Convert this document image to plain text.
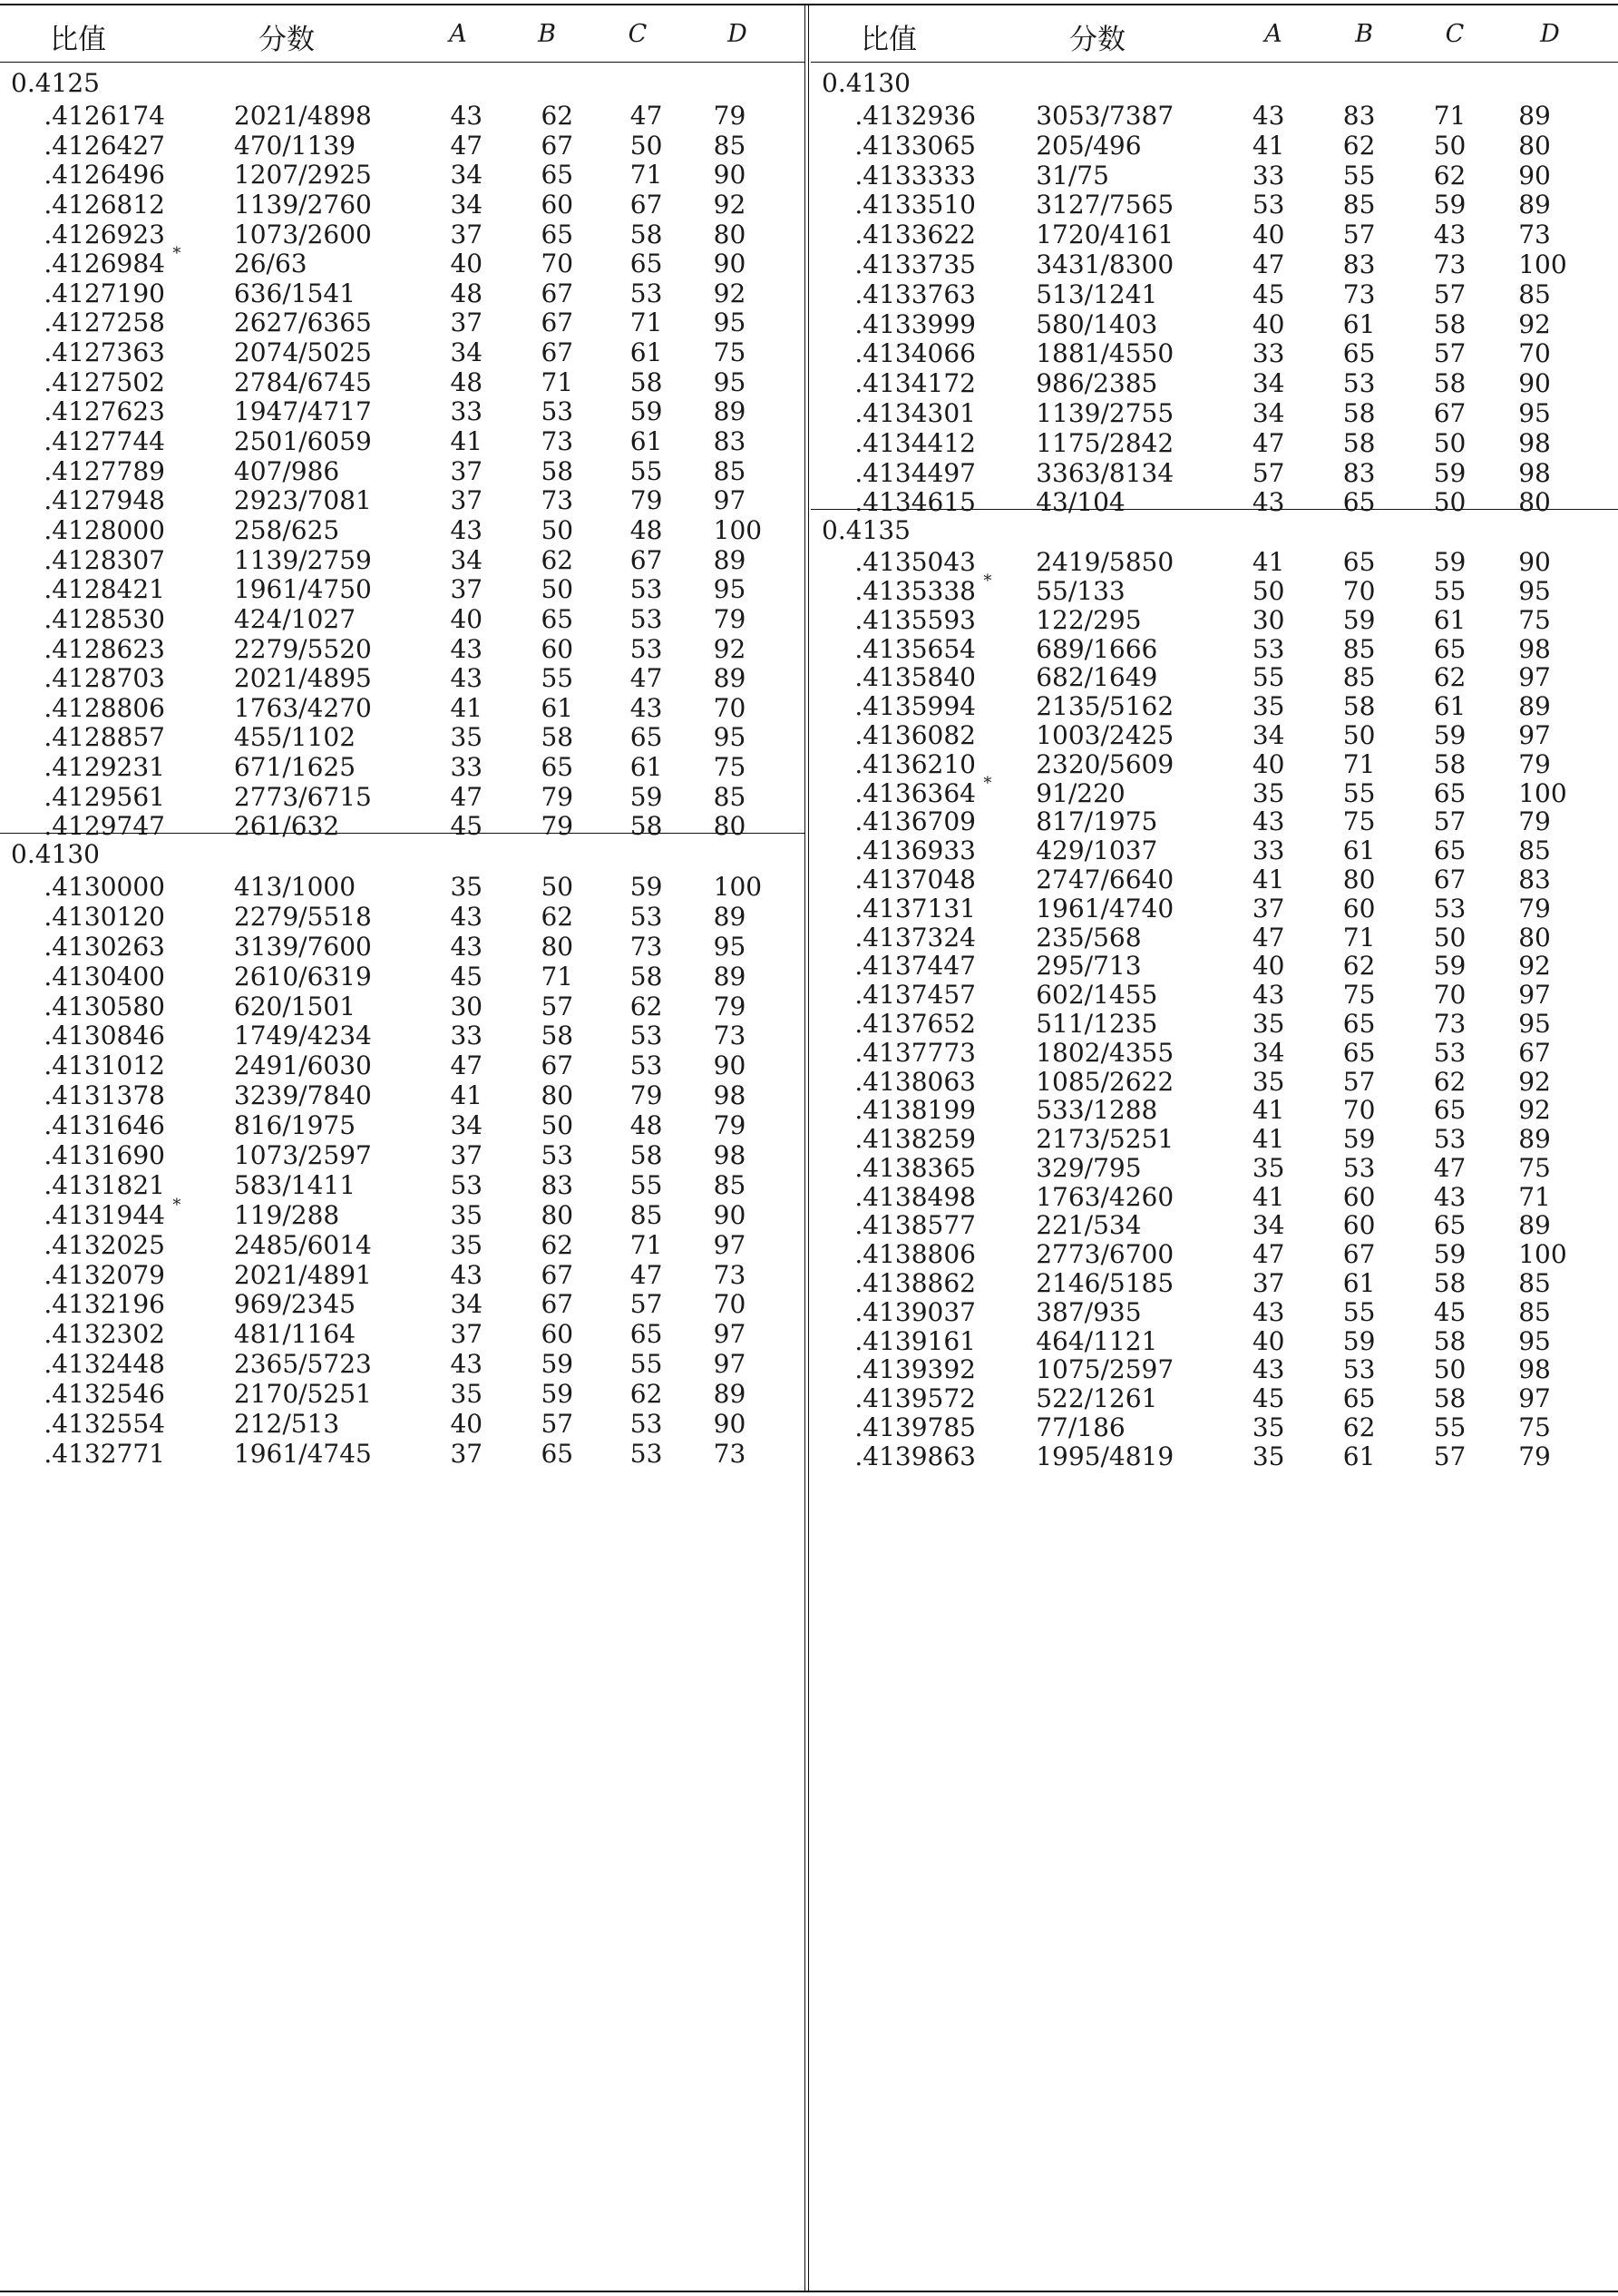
比值	分数	A	B	C	D
0.4125
.4126174	2021/4898	43 62 47 79
.4126427	470/1139	47 67 50 85
.4126496	1207/2925	34 65 71 90
.4126812	1139/2760	34 60 67 92
.4126923	1073/2600	37 65 58 80
.4126984 * 26/63	40 70 65 90
.4127190	636/1541	48 67 53 92
.4127258	2627/6365	37 67 71 95
.4127363	2074/5025	34 67 61 75
.4127502	2784/6745	48 71 58 95
.4127623	1947/4717	33 53 59 89
.4127744	2501/6059	41 73 61 83
.4127789	407/986	37 58 55 85
.4127948	2923/7081	37 73 79 97
.4128000	258/625	43 50 48 100
.4128307	1139/2759	34 62 67 89
.4128421	1961/4750	37 50 53 95
.4128530	424/1027	40 65 53 79
.4128623	2279/5520	43 60 53 92
.4128703	2021/4895	43 55 47 89
.4128806	1763/4270	41 61 43 70
.4128857	455/1102	35 58 65 95
.4129231	671/1625	33 65 61 75
.4129561	2773/6715	47 79 59 85
.4129747	261/632	45 79 58 80
0.4130
.4130000	413/1000	35 50 59 100
.4130120	2279/5518	43 62 53 89
.4130263	3139/7600	43 80 73 95
.4130400	2610/6319	45 71 58 89
.4130580	620/1501	30 57 62 79
.4130846	1749/4234	33 58 53 73
.4131012	2491/6030	47 67 53 90
.4131378	3239/7840	41 80 79 98
.4131646	816/1975	34 50 48 79
.4131690	1073/2597	37 53 58 98
.4131821	583/1411	53 83 55 85
.4131944 * 119/288	35 80 85 90
.4132025	2485/6014	35 62 71 97
.4132079	2021/4891	43 67 47 73
.4132196	969/2345	34 67 57 70
.4132302	481/1164	37 60 65 97
.4132448	2365/5723	43 59 55 97
.4132546	2170/5251	35 59 62 89
.4132554	212/513	40 57 53 90
.4132771	1961/4745	37 65 53 73
比值	分数	A	B	C	D
0.4130
.4132936 3053/7387	43 83 71 89
.4133065 205/496	41 62 50 80
.4133333 31/75	33 55 62 90
.4133510 3127/7565	53 85 59 89
.4133622 1720/4161	40 57 43 73
.4133735 3431/8300	47 83 73 100
.4133763 513/1241	45 73 57 85
.4133999 580/1403	40 61 58 92
.4134066 1881/4550	33 65 57 70
.4134172 986/2385	34 53 58 90
.4134301 1139/2755	34 58 67 95
.4134412 1175/2842	47 58 50 98
.4134497 3363/8134	57 83 59 98
.4134615 43/104	43 65 50 80
0.4135
.4135043 2419/5850	41 65 59 90
.4135338 * 55/133	50 70 55 95
.4135593 122/295	30 59 61 75
.4135654 689/1666	53 85 65 98
.4135840 682/1649	55 85 62 97
.4135994 2135/5162	35 58 61 89
.4136082 1003/2425	34 50 59 97
.4136210 2320/5609	40 71 58 79
.4136364 * 91/220	35 55 65 100
.4136709 817/1975	43 75 57 79
.4136933 429/1037	33 61 65 85
.4137048 2747/6640	41 80 67 83
.4137131 1961/4740	37 60 53 79
.4137324 235/568	47 71 50 80
.4137447 295/713	40 62 59 92
.4137457 602/1455	43 75 70 97
.4137652 511/1235	35 65 73 95
.4137773 1802/4355	34 65 53 67
.4138063 1085/2622	35 57 62 92
.4138199 533/1288	41 70 65 92
.4138259 2173/5251	41 59 53 89
.4138365 329/795	35 53 47 75
.4138498 1763/4260	41 60 43 71
.4138577 221/534	34 60 65 89
.4138806 2773/6700	47 67 59 100
.4138862 2146/5185	37 61 58 85
.4139037 387/935	43 55 45 85
.4139161 464/1121	40 59 58 95
.4139392 1075/2597	43 53 50 98
.4139572 522/1261	45 65 58 97
.4139785 77/186	35 62 55 75
.4139863 1995/4819	35 61 57 79
